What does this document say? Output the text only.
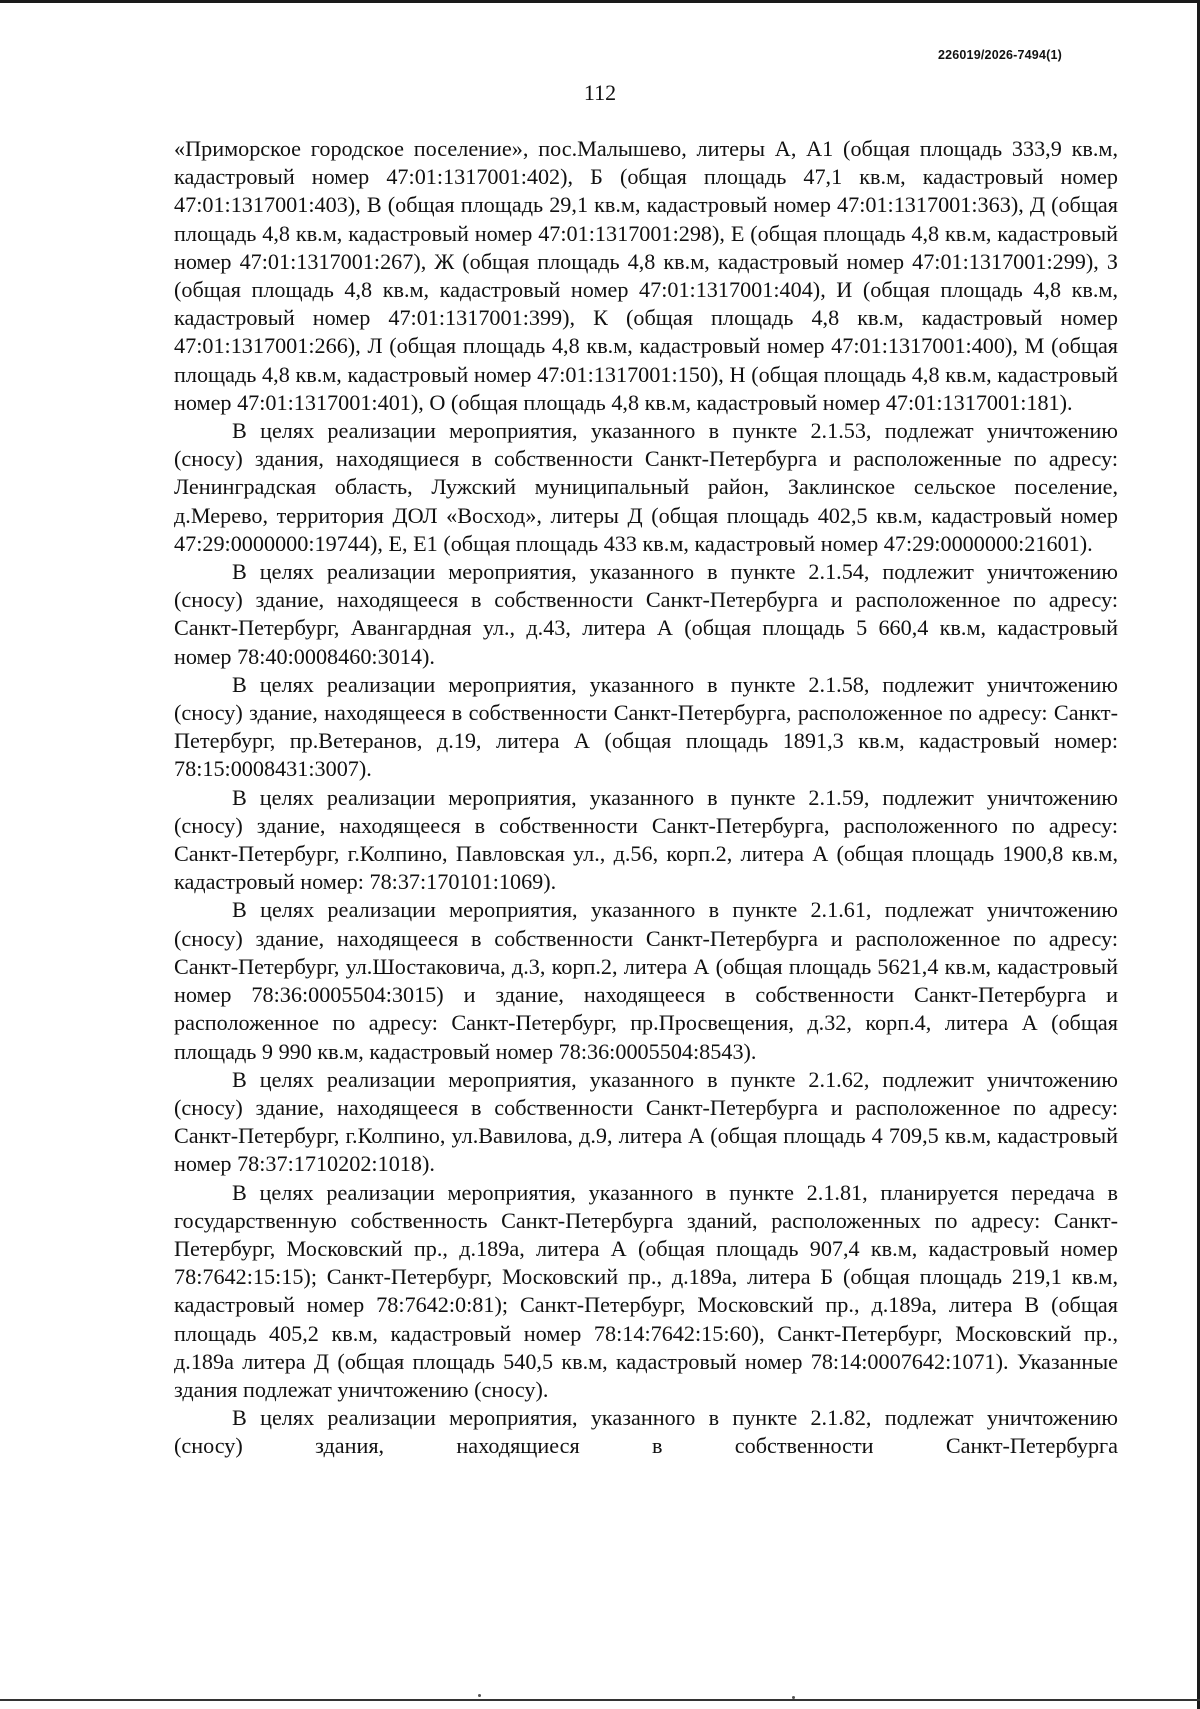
226019/2026-7494(1)
112

«Приморское городское поселение», пос.Малышево, литеры А, А1 (общая площадь 333,9 кв.м, кадастровый номер 47:01:1317001:402), Б (общая площадь 47,1 кв.м, кадастровый номер 47:01:1317001:403), В (общая площадь 29,1 кв.м, кадастровый номер 47:01:1317001:363), Д (общая площадь 4,8 кв.м, кадастровый номер 47:01:1317001:298), Е (общая площадь 4,8 кв.м, кадастровый номер 47:01:1317001:267), Ж (общая площадь 4,8 кв.м, кадастровый номер 47:01:1317001:299), З (общая площадь 4,8 кв.м, кадастровый номер 47:01:1317001:404), И (общая площадь 4,8 кв.м, кадастровый номер 47:01:1317001:399), К (общая площадь 4,8 кв.м, кадастровый номер 47:01:1317001:266), Л (общая площадь 4,8 кв.м, кадастровый номер 47:01:1317001:400), М (общая площадь 4,8 кв.м, кадастровый номер 47:01:1317001:150), Н (общая площадь 4,8 кв.м, кадастровый номер 47:01:1317001:401), О (общая площадь 4,8 кв.м, кадастровый номер 47:01:1317001:181).

В целях реализации мероприятия, указанного в пункте 2.1.53, подлежат уничтожению (сносу) здания, находящиеся в собственности Санкт-Петербурга и расположенные по адресу: Ленинградская область, Лужский муниципальный район, Заклинское сельское поселение, д.Мерево, территория ДОЛ «Восход», литеры Д (общая площадь 402,5 кв.м, кадастровый номер 47:29:0000000:19744), Е, Е1 (общая площадь 433 кв.м, кадастровый номер 47:29:0000000:21601).

В целях реализации мероприятия, указанного в пункте 2.1.54, подлежит уничтожению (сносу) здание, находящееся в собственности Санкт-Петербурга и расположенное по адресу: Санкт-Петербург, Авангардная ул., д.43, литера А (общая площадь 5 660,4 кв.м, кадастровый номер 78:40:0008460:3014).

В целях реализации мероприятия, указанного в пункте 2.1.58, подлежит уничтожению (сносу) здание, находящееся в собственности Санкт-Петербурга, расположенное по адресу: Санкт-Петербург, пр.Ветеранов, д.19, литера А (общая площадь 1891,3 кв.м, кадастровый номер: 78:15:0008431:3007).

В целях реализации мероприятия, указанного в пункте 2.1.59, подлежит уничтожению (сносу) здание, находящееся в собственности Санкт-Петербурга, расположенного по адресу: Санкт-Петербург, г.Колпино, Павловская ул., д.56, корп.2, литера А (общая площадь 1900,8 кв.м, кадастровый номер: 78:37:170101:1069).

В целях реализации мероприятия, указанного в пункте 2.1.61, подлежат уничтожению (сносу) здание, находящееся в собственности Санкт-Петербурга и расположенное по адресу: Санкт-Петербург, ул.Шостаковича, д.3, корп.2, литера А (общая площадь 5621,4 кв.м, кадастровый номер 78:36:0005504:3015) и здание, находящееся в собственности Санкт-Петербурга и расположенное по адресу: Санкт-Петербург, пр.Просвещения, д.32, корп.4, литера А (общая площадь 9 990 кв.м, кадастровый номер 78:36:0005504:8543).

В целях реализации мероприятия, указанного в пункте 2.1.62, подлежит уничтожению (сносу) здание, находящееся в собственности Санкт-Петербурга и расположенное по адресу: Санкт-Петербург, г.Колпино, ул.Вавилова, д.9, литера А (общая площадь 4 709,5 кв.м, кадастровый номер 78:37:1710202:1018).

В целях реализации мероприятия, указанного в пункте 2.1.81, планируется передача в государственную собственность Санкт-Петербурга зданий, расположенных по адресу: Санкт-Петербург, Московский пр., д.189а, литера А (общая площадь 907,4 кв.м, кадастровый номер 78:7642:15:15); Санкт-Петербург, Московский пр., д.189а, литера Б (общая площадь 219,1 кв.м, кадастровый номер 78:7642:0:81); Санкт-Петербург, Московский пр., д.189а, литера В (общая площадь 405,2 кв.м, кадастровый номер 78:14:7642:15:60), Санкт-Петербург, Московский пр., д.189а литера Д (общая площадь 540,5 кв.м, кадастровый номер 78:14:0007642:1071). Указанные здания подлежат уничтожению (сносу).

В целях реализации мероприятия, указанного в пункте 2.1.82, подлежат уничтожению (сносу) здания, находящиеся в собственности Санкт-Петербурга
